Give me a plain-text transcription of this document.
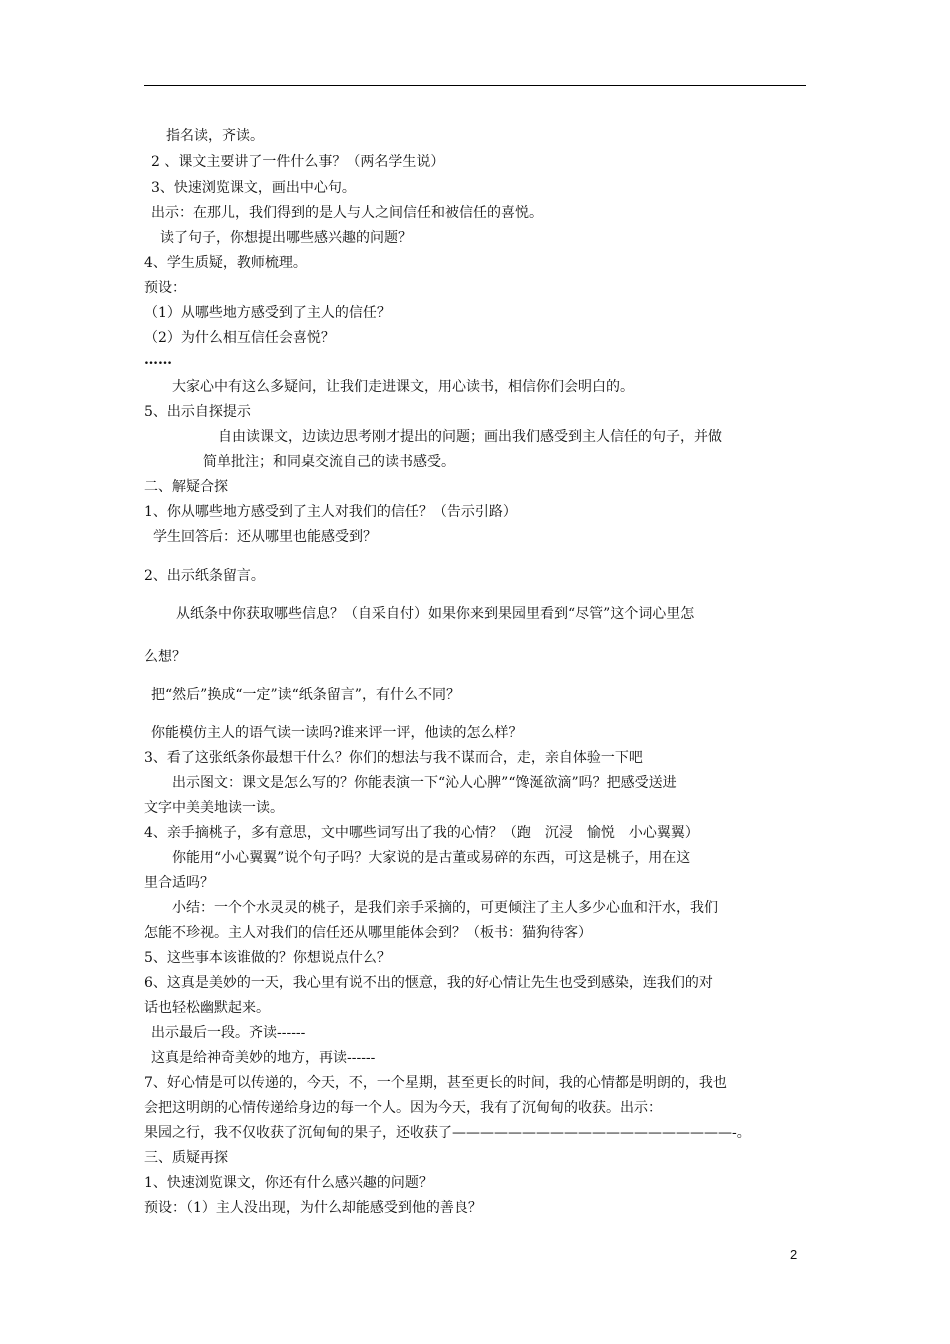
指名读，齐读。
2 、课文主要讲了一件什么事？（两名学生说）
3、快速浏览课文，画出中心句。
出示：在那儿，我们得到的是人与人之间信任和被信任的喜悦。
读了句子，你想提出哪些感兴趣的问题？
4、学生质疑，教师梳理。
预设：
（1）从哪些地方感受到了主人的信任？
（2）为什么相互信任会喜悦？
……
大家心中有这么多疑问，让我们走进课文，用心读书，相信你们会明白的。
5、出示自探提示
自由读课文，边读边思考刚才提出的问题；画出我们感受到主人信任的句子，并做
简单批注；和同桌交流自己的读书感受。
二、解疑合探
1、你从哪些地方感受到了主人对我们的信任？（告示引路）
学生回答后：还从哪里也能感受到？
2、出示纸条留言。
从纸条中你获取哪些信息？（自采自付）如果你来到果园里看到“尽管”这个词心里怎
么想？
把“然后”换成“一定”读“纸条留言”，有什么不同？
你能模仿主人的语气读一读吗?谁来评一评，他读的怎么样？
3、看了这张纸条你最想干什么？你们的想法与我不谋而合，走，亲自体验一下吧
出示图文：课文是怎么写的？你能表演一下“沁人心脾”“馋涎欲滴”吗？把感受送进
文字中美美地读一读。
4、亲手摘桃子，多有意思，文中哪些词写出了我的心情？（跑　沉浸　愉悦　小心翼翼）
你能用“小心翼翼”说个句子吗？大家说的是古董或易碎的东西，可这是桃子，用在这
里合适吗？
小结：一个个水灵灵的桃子，是我们亲手采摘的，可更倾注了主人多少心血和汗水，我们
怎能不珍视。主人对我们的信任还从哪里能体会到？（板书：猫狗待客）
5、这些事本该谁做的？你想说点什么？
6、这真是美妙的一天，我心里有说不出的惬意，我的好心情让先生也受到感染，连我们的对
话也轻松幽默起来。
出示最后一段。齐读------
这真是给神奇美妙的地方，再读------
7、好心情是可以传递的，今天，不，一个星期，甚至更长的时间，我的心情都是明朗的，我也
会把这明朗的心情传递给身边的每一个人。因为今天，我有了沉甸甸的收获。出示：
果园之行，我不仅收获了沉甸甸的果子，还收获了————————————————————-。
三、质疑再探
1、快速浏览课文，你还有什么感兴趣的问题？
预设：（1）主人没出现，为什么却能感受到他的善良？
2
